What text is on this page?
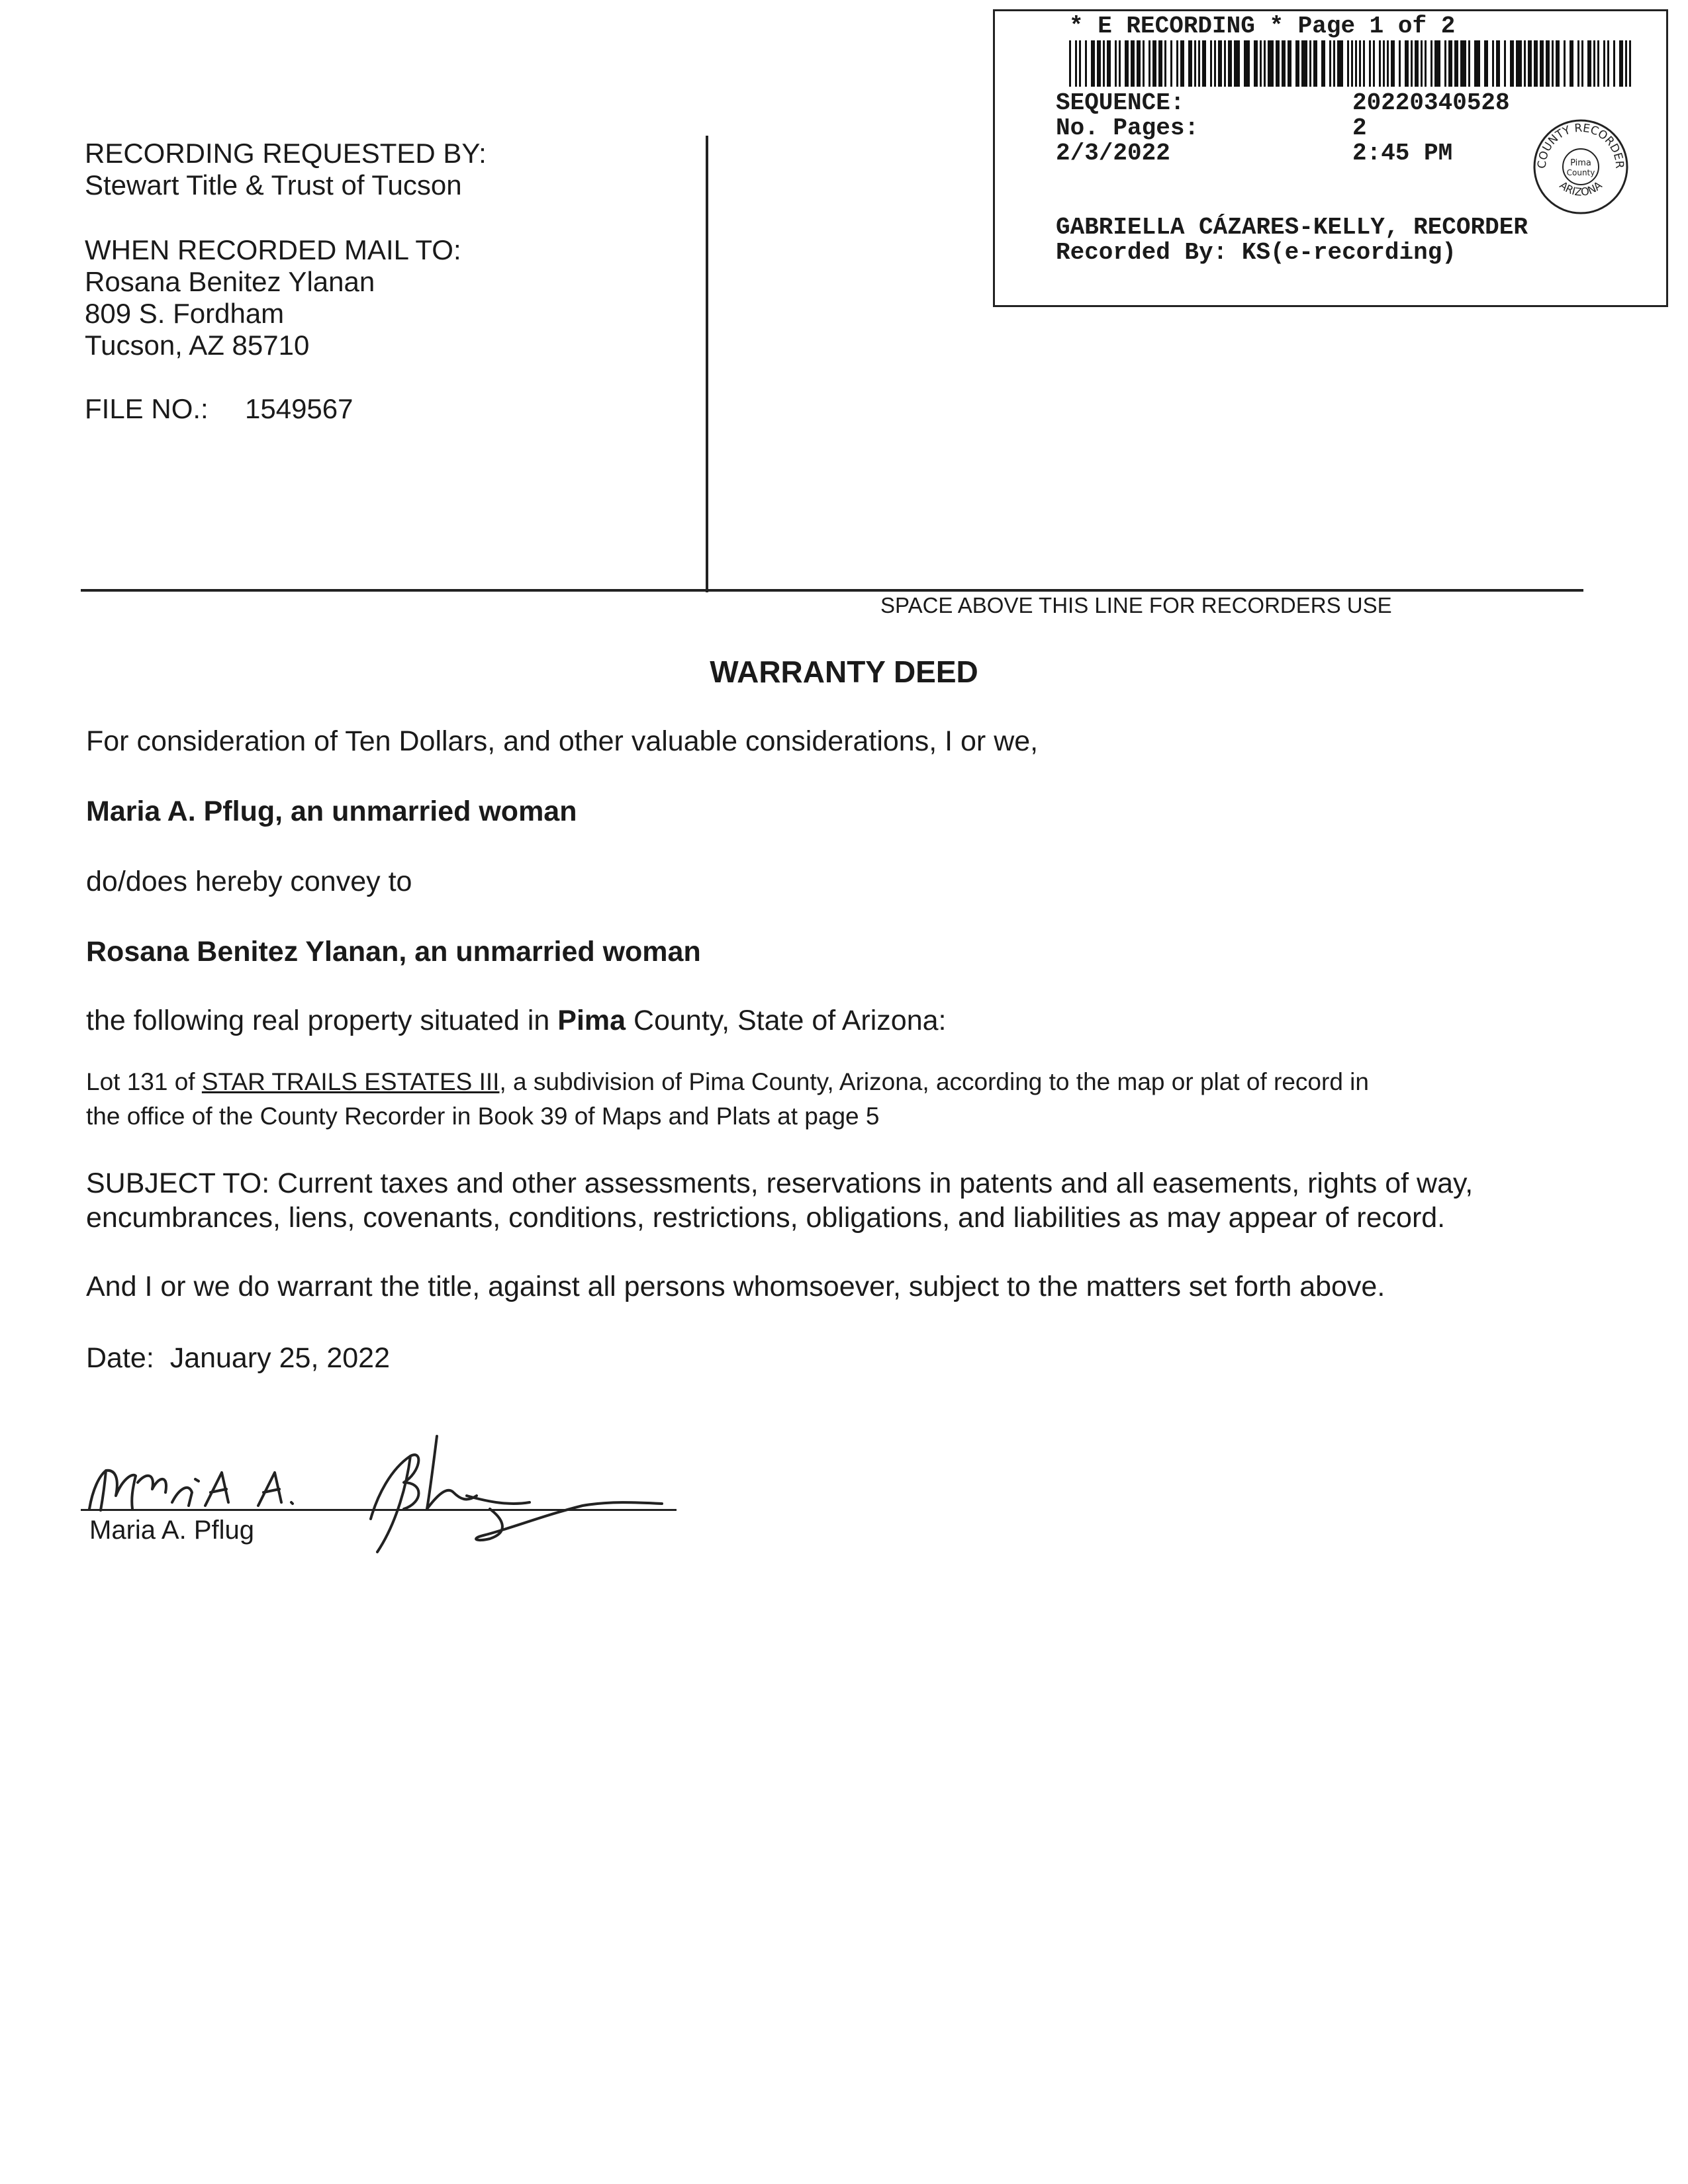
RECORDING REQUESTED BY:
Stewart Title & Trust of Tucson
WHEN RECORDED MAIL TO:
Rosana Benitez Ylanan
809 S. Fordham
Tucson, AZ 85710
FILE NO.: 1549567
* E RECORDING * Page 1 of 2
SEQUENCE:	20220340528
No. Pages:	2
2/3/2022	2:45 PM
GABRIELLA CÁZARES-KELLY, RECORDER
Recorded By: KS(e-recording)
COUNTY RECORDER
ARIZONA
Pima
County
SPACE ABOVE THIS LINE FOR RECORDERS USE
WARRANTY DEED
For consideration of Ten Dollars, and other valuable considerations, I or we,
Maria A. Pflug, an unmarried woman
do/does hereby convey to
Rosana Benitez Ylanan, an unmarried woman
the following real property situated in Pima County, State of Arizona:
Lot 131 of STAR TRAILS ESTATES III, a subdivision of Pima County, Arizona, according to the map or plat of record in
the office of the County Recorder in Book 39 of Maps and Plats at page 5
SUBJECT TO: Current taxes and other assessments, reservations in patents and all easements, rights of way,
encumbrances, liens, covenants, conditions, restrictions, obligations, and liabilities as may appear of record.
And I or we do warrant the title, against all persons whomsoever, subject to the matters set forth above.
Date: January 25, 2022
Maria A. Pflug
